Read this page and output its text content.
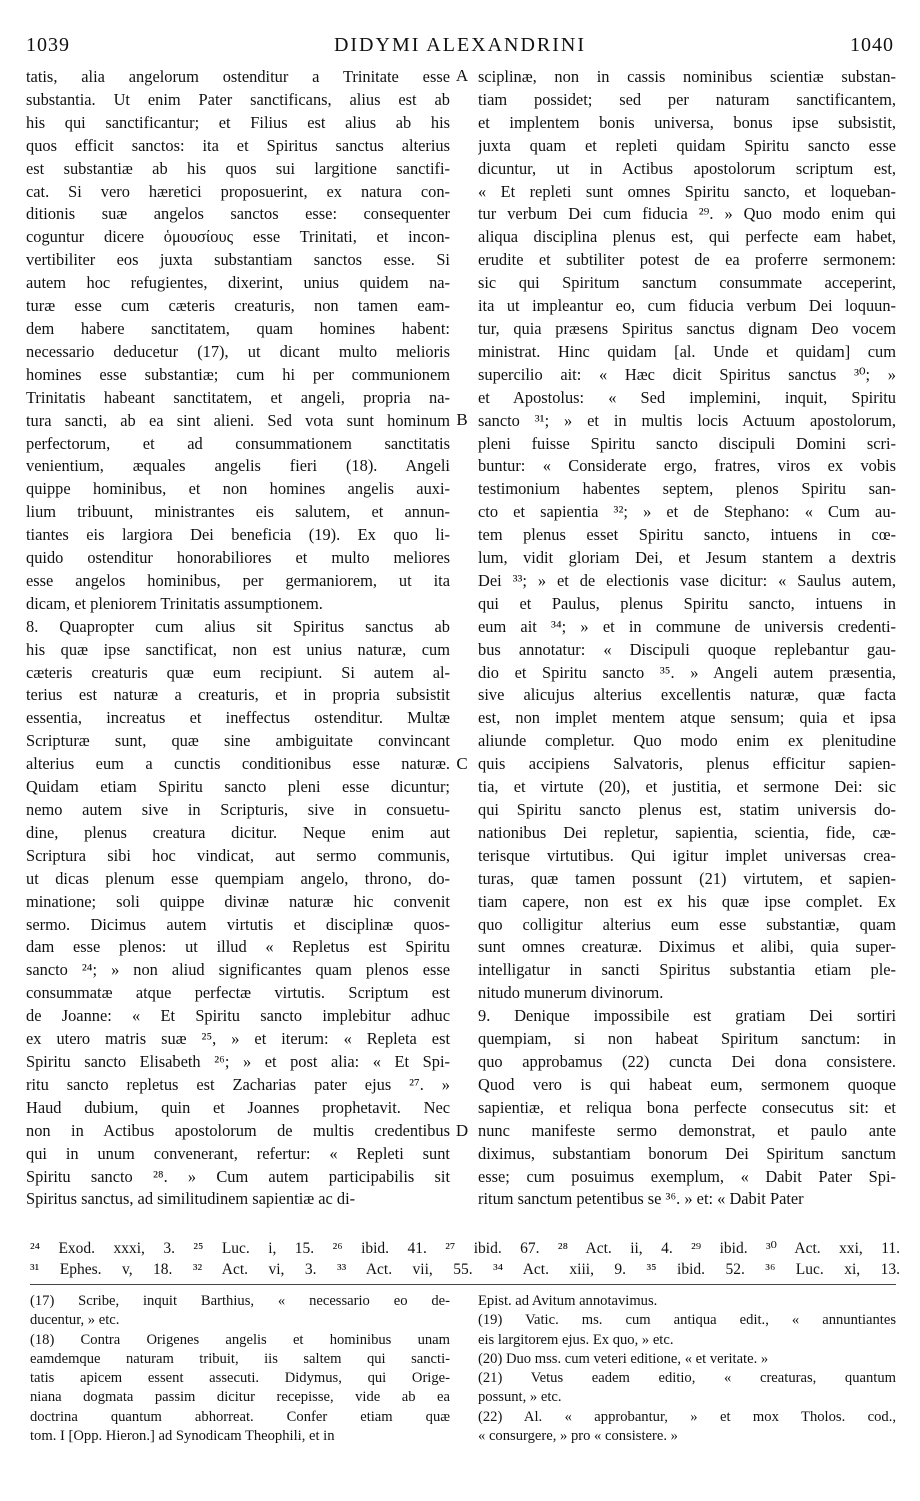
1039	DIDYMI ALEXANDRINI	1040
tatis, alia angelorum ostenditur a Trinitate esse
substantia. Ut enim Pater sanctificans, alius est ab
his qui sanctificantur; et Filius est alius ab his
quos efficit sanctos: ita et Spiritus sanctus alterius
est substantiæ ab his quos sui largitione sanctifi-
cat. Si vero hæretici proposuerint, ex natura con-
ditionis suæ angelos sanctos esse: consequenter
coguntur dicere ὁμουσίους esse Trinitati, et incon-
vertibiliter eos juxta substantiam sanctos esse. Si
autem hoc refugientes, dixerint, unius quidem na-
turæ esse cum cæteris creaturis, non tamen eam-
dem habere sanctitatem, quam homines habent:
necessario deducetur (17), ut dicant multo melioris
homines esse substantiæ; cum hi per communionem
Trinitatis habeant sanctitatem, et angeli, propria na-
tura sancti, ab ea sint alieni. Sed vota sunt hominum
perfectorum, et ad consummationem sanctitatis
venientium, æquales angelis fieri (18). Angeli
quippe hominibus, et non homines angelis auxi-
lium tribuunt, ministrantes eis salutem, et annun-
tiantes eis largiora Dei beneficia (19). Ex quo li-
quido ostenditur honorabiliores et multo meliores
esse angelos hominibus, per germaniorem, ut ita
dicam, et pleniorem Trinitatis assumptionem.
8. Quapropter cum alius sit Spiritus sanctus ab
his quæ ipse sanctificat, non est unius naturæ, cum
cæteris creaturis quæ eum recipiunt. Si autem al-
terius est naturæ a creaturis, et in propria subsistit
essentia, increatus et ineffectus ostenditur. Multæ
Scripturæ sunt, quæ sine ambiguitate convincant
alterius eum a cunctis conditionibus esse naturæ.
Quidam etiam Spiritu sancto pleni esse dicuntur;
nemo autem sive in Scripturis, sive in consuetu-
dine, plenus creatura dicitur. Neque enim aut
Scriptura sibi hoc vindicat, aut sermo communis,
ut dicas plenum esse quempiam angelo, throno, do-
minatione; soli quippe divinæ naturæ hic convenit
sermo. Dicimus autem virtutis et disciplinæ quos-
dam esse plenos: ut illud « Repletus est Spiritu
sancto ²⁴; » non aliud significantes quam plenos esse
consummatæ atque perfectæ virtutis. Scriptum est
de Joanne: « Et Spiritu sancto implebitur adhuc
ex utero matris suæ ²⁵, » et iterum: « Repleta est
Spiritu sancto Elisabeth ²⁶; » et post alia: « Et Spi-
ritu sancto repletus est Zacharias pater ejus ²⁷. »
Haud dubium, quin et Joannes prophetavit. Nec
non in Actibus apostolorum de multis credentibus
qui in unum convenerant, refertur: « Repleti sunt
Spiritu sancto ²⁸. » Cum autem participabilis sit
Spiritus sanctus, ad similitudinem sapientiæ ac di-
sciplinæ, non in cassis nominibus scientiæ substan-
tiam possidet; sed per naturam sanctificantem,
et implentem bonis universa, bonus ipse subsistit,
juxta quam et repleti quidam Spiritu sancto esse
dicuntur, ut in Actibus apostolorum scriptum est,
« Et repleti sunt omnes Spiritu sancto, et loqueban-
tur verbum Dei cum fiducia ²⁹. » Quo modo enim qui
aliqua disciplina plenus est, qui perfecte eam habet,
erudite et subtiliter potest de ea proferre sermonem:
sic qui Spiritum sanctum consummate acceperint,
ita ut impleantur eo, cum fiducia verbum Dei loquun-
tur, quia præsens Spiritus sanctus dignam Deo vocem
ministrat. Hinc quidam [al. Unde et quidam] cum
supercilio ait: « Hæc dicit Spiritus sanctus ³⁰; »
et Apostolus: « Sed implemini, inquit, Spiritu
sancto ³¹; » et in multis locis Actuum apostolorum,
pleni fuisse Spiritu sancto discipuli Domini scri-
buntur: « Considerate ergo, fratres, viros ex vobis
testimonium habentes septem, plenos Spiritu san-
cto et sapientia ³²; » et de Stephano: « Cum au-
tem plenus esset Spiritu sancto, intuens in cœ-
lum, vidit gloriam Dei, et Jesum stantem a dextris
Dei ³³; » et de electionis vase dicitur: « Saulus autem,
qui et Paulus, plenus Spiritu sancto, intuens in
eum ait ³⁴; » et in commune de universis credenti-
bus annotatur: « Discipuli quoque replebantur gau-
dio et Spiritu sancto ³⁵. » Angeli autem præsentia,
sive alicujus alterius excellentis naturæ, quæ facta
est, non implet mentem atque sensum; quia et ipsa
aliunde completur. Quo modo enim ex plenitudine
quis accipiens Salvatoris, plenus efficitur sapien-
tia, et virtute (20), et justitia, et sermone Dei: sic
qui Spiritu sancto plenus est, statim universis do-
nationibus Dei repletur, sapientia, scientia, fide, cæ-
terisque virtutibus. Qui igitur implet universas crea-
turas, quæ tamen possunt (21) virtutem, et sapien-
tiam capere, non est ex his quæ ipse complet. Ex
quo colligitur alterius eum esse substantiæ, quam
sunt omnes creaturæ. Diximus et alibi, quia super-
intelligatur in sancti Spiritus substantia etiam ple-
nitudo munerum divinorum.
9. Denique impossibile est gratiam Dei sortiri
quempiam, si non habeat Spiritum sanctum: in
quo approbamus (22) cuncta Dei dona consistere.
Quod vero is qui habeat eum, sermonem quoque
sapientiæ, et reliqua bona perfecte consecutus sit: et
nunc manifeste sermo demonstrat, et paulo ante
diximus, substantiam bonorum Dei Spiritum sanctum
esse; cum posuimus exemplum, « Dabit Pater Spi-
ritum sanctum petentibus se ³⁶. » et: « Dabit Pater
A
B
C
D
²⁴ Exod. xxxi, 3. ²⁵ Luc. i, 15. ²⁶ ibid. 41. ²⁷ ibid. 67. ²⁸ Act. ii, 4. ²⁹ ibid. ³⁰ Act. xxi, 11.
³¹ Ephes. v, 18. ³² Act. vi, 3. ³³ Act. vii, 55. ³⁴ Act. xiii, 9. ³⁵ ibid. 52. ³⁶ Luc. xi, 13.
(17) Scribe, inquit Barthius, « necessario eo de-
ducentur, » etc.
(18) Contra Origenes angelis et hominibus unam
eamdemque naturam tribuit, iis saltem qui sancti-
tatis apicem essent assecuti. Didymus, qui Orige-
niana dogmata passim dicitur recepisse, vide ab ea
doctrina quantum abhorreat. Confer etiam quæ
tom. I [Opp. Hieron.] ad Synodicam Theophili, et in
Epist. ad Avitum annotavimus.
(19) Vatic. ms. cum antiqua edit., « annuntiantes
eis largitorem ejus. Ex quo, » etc.
(20) Duo mss. cum veteri editione, « et veritate. »
(21) Vetus eadem editio, « creaturas, quantum
possunt, » etc.
(22) Al. « approbantur, » et mox Tholos. cod.,
« consurgere, » pro « consistere. »
